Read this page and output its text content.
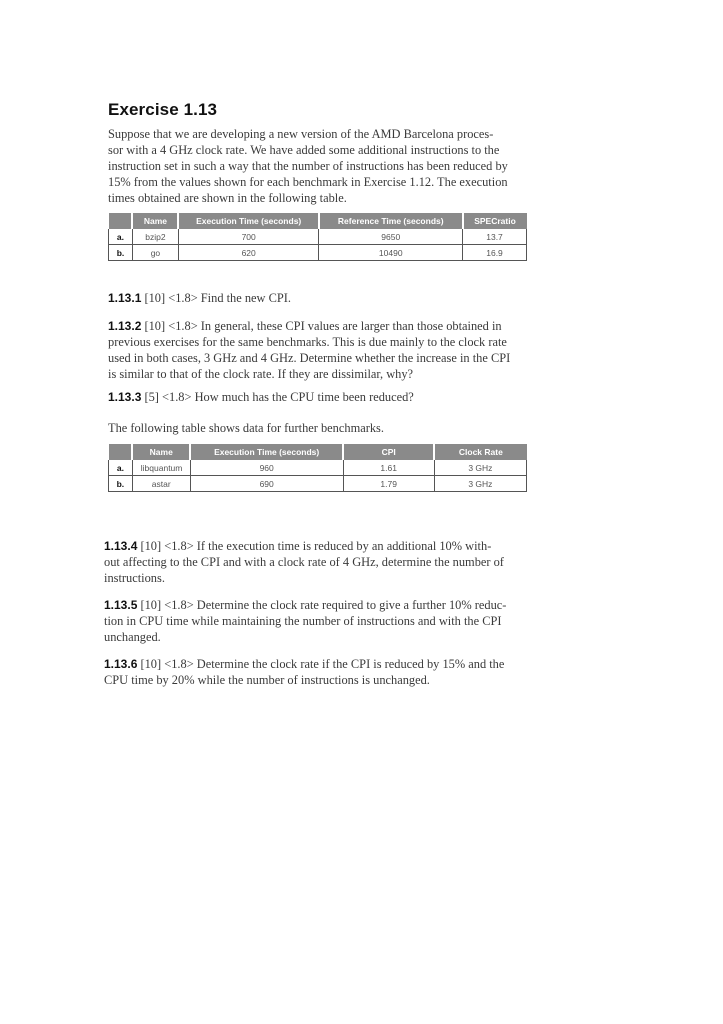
Exercise 1.13

Suppose that we are developing a new version of the AMD Barcelona proces-
sor with a 4 GHz clock rate. We have added some additional instructions to the
instruction set in such a way that the number of instructions has been reduced by
15% from the values shown for each benchmark in Exercise 1.12. The execution
times obtained are shown in the following table.

	Name	Execution Time (seconds)	Reference Time (seconds)	SPECratio
a.	bzip2	700	9650	13.7
b.	go	620	10490	16.9

1.13.1 [10] <1.8> Find the new CPI.

1.13.2 [10] <1.8> In general, these CPI values are larger than those obtained in
previous exercises for the same benchmarks. This is due mainly to the clock rate
used in both cases, 3 GHz and 4 GHz. Determine whether the increase in the CPI
is similar to that of the clock rate. If they are dissimilar, why?

1.13.3 [5] <1.8> How much has the CPU time been reduced?

The following table shows data for further benchmarks.

	Name	Execution Time (seconds)	CPI	Clock Rate
a.	libquantum	960	1.61	3 GHz
b.	astar	690	1.79	3 GHz

1.13.4 [10] <1.8> If the execution time is reduced by an additional 10% with-
out affecting to the CPI and with a clock rate of 4 GHz, determine the number of
instructions.

1.13.5 [10] <1.8> Determine the clock rate required to give a further 10% reduc-
tion in CPU time while maintaining the number of instructions and with the CPI
unchanged.

1.13.6 [10] <1.8> Determine the clock rate if the CPI is reduced by 15% and the
CPU time by 20% while the number of instructions is unchanged.
